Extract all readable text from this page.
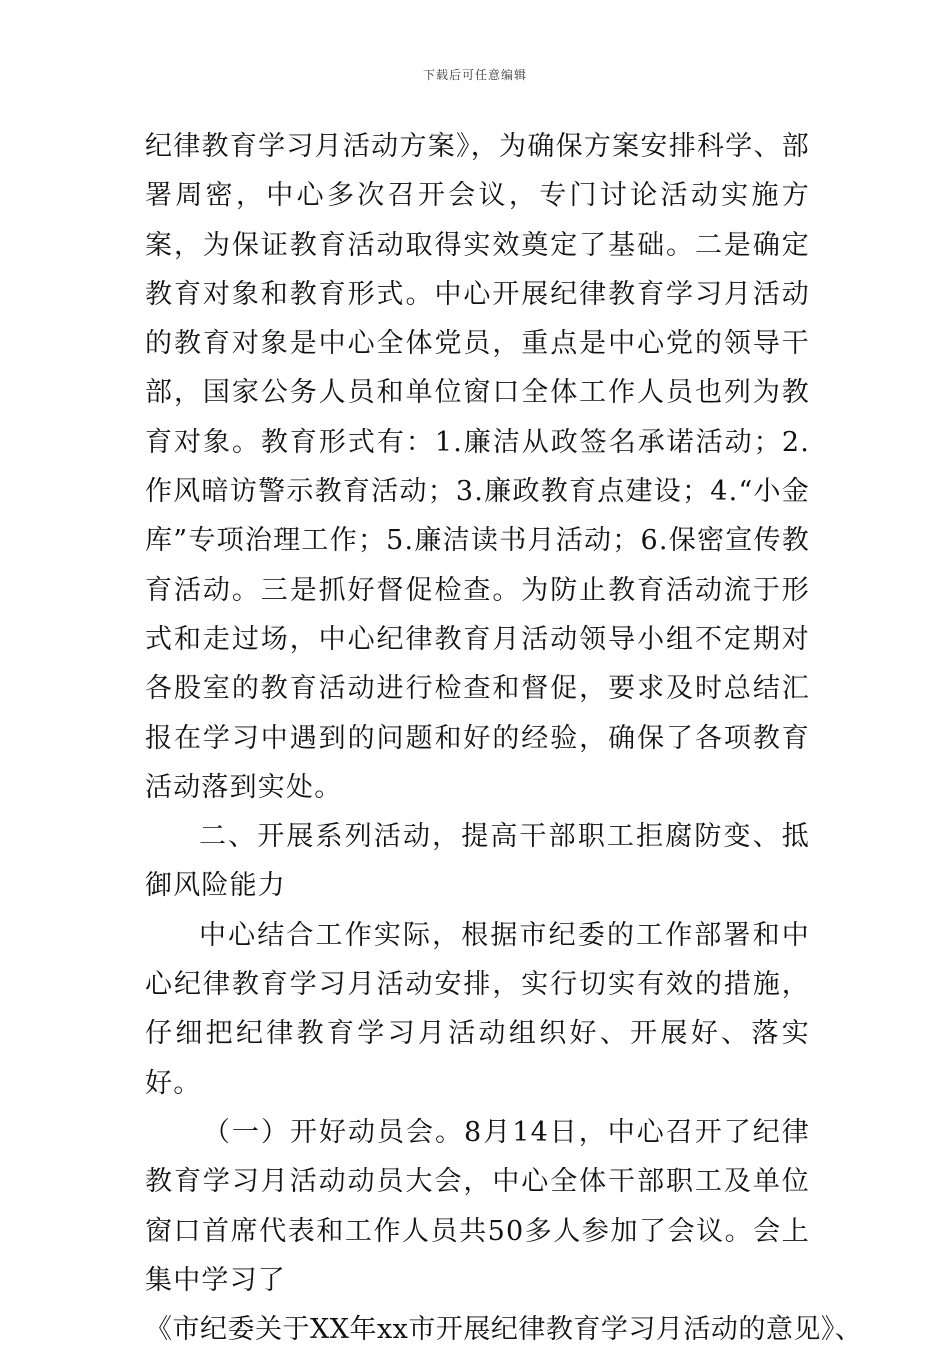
下载后可任意编辑

纪律教育学习月活动方案》，为确保方案安排科学、部署周密，中心多次召开会议，专门讨论活动实施方案，为保证教育活动取得实效奠定了基础。二是确定教育对象和教育形式。中心开展纪律教育学习月活动的教育对象是中心全体党员，重点是中心党的领导干部，国家公务人员和单位窗口全体工作人员也列为教育对象。教育形式有：1.廉洁从政签名承诺活动；2.作风暗访警示教育活动；3.廉政教育点建设；4.“小金库”专项治理工作；5.廉洁读书月活动；6.保密宣传教育活动。三是抓好督促检查。为防止教育活动流于形式和走过场，中心纪律教育月活动领导小组不定期对各股室的教育活动进行检查和督促，要求及时总结汇报在学习中遇到的问题和好的经验，确保了各项教育活动落到实处。

二、开展系列活动，提高干部职工拒腐防变、抵御风险能力

中心结合工作实际，根据市纪委的工作部署和中心纪律教育学习月活动安排，实行切实有效的措施，仔细把纪律教育学习月活动组织好、开展好、落实好。

（一）开好动员会。8月14日，中心召开了纪律教育学习月活动动员大会，中心全体干部职工及单位窗口首席代表和工作人员共50多人参加了会议。会上集中学习了

《市纪委关于XX年xx市开展纪律教育学习月活动的意见》、
